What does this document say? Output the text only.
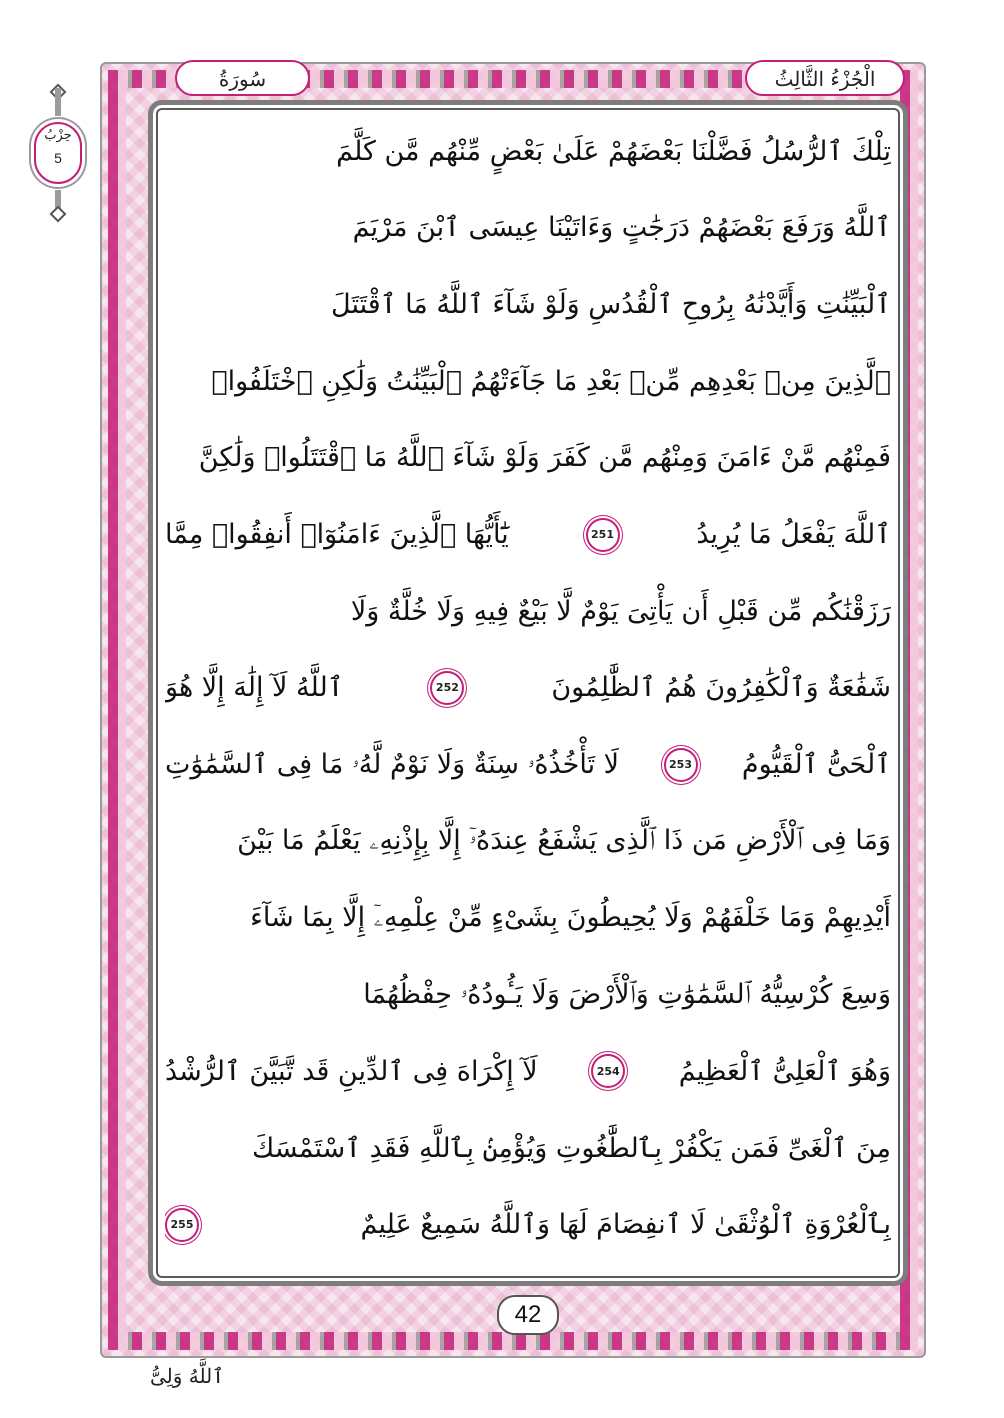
الْجُزْءُ الثَّالِثُ
سُورَةُ
حِزْبُ
5	تِلْكَ ٱلرُّسُلُ فَضَّلْنَا بَعْضَهُمْ عَلَىٰ بَعْضٍ مِّنْهُم مَّن كَلَّمَ
ٱللَّهُ وَرَفَعَ بَعْضَهُمْ دَرَجَٰتٍ وَءَاتَيْنَا عِيسَى ٱبْنَ مَرْيَمَ
ٱلْبَيِّنَٰتِ وَأَيَّدْنَٰهُ بِرُوحِ ٱلْقُدُسِ وَلَوْ شَآءَ ٱللَّهُ مَا ٱقْتَتَلَ
ٱلَّذِينَ مِنۢ بَعْدِهِم مِّنۢ بَعْدِ مَا جَآءَتْهُمُ ٱلْبَيِّنَٰتُ وَلَٰكِنِ ٱخْتَلَفُوا۟
فَمِنْهُم مَّنْ ءَامَنَ وَمِنْهُم مَّن كَفَرَ وَلَوْ شَآءَ ٱللَّهُ مَا ٱقْتَتَلُوا۟ وَلَٰكِنَّ
ٱللَّهَ يَفْعَلُ مَا يُرِيدُ
251
يَٰٓأَيُّهَا ٱلَّذِينَ ءَامَنُوٓا۟ أَنفِقُوا۟ مِمَّا
رَزَقْنَٰكُم مِّن قَبْلِ أَن يَأْتِىَ يَوْمٌ لَّا بَيْعٌ فِيهِ وَلَا خُلَّةٌ وَلَا
شَفَٰعَةٌ وَٱلْكَٰفِرُونَ هُمُ ٱلظَّٰلِمُونَ
252
ٱللَّهُ لَآ إِلَٰهَ إِلَّا هُوَ
ٱلْحَىُّ ٱلْقَيُّومُ
253
لَا تَأْخُذُهُۥ سِنَةٌ وَلَا نَوْمٌ لَّهُۥ مَا فِى ٱلسَّمَٰوَٰتِ
وَمَا فِى ٱلْأَرْضِ مَن ذَا ٱلَّذِى يَشْفَعُ عِندَهُۥٓ إِلَّا بِإِذْنِهِۦ يَعْلَمُ مَا بَيْنَ
أَيْدِيهِمْ وَمَا خَلْفَهُمْ وَلَا يُحِيطُونَ بِشَىْءٍ مِّنْ عِلْمِهِۦٓ إِلَّا بِمَا شَآءَ
وَسِعَ كُرْسِيُّهُ ٱلسَّمَٰوَٰتِ وَٱلْأَرْضَ وَلَا يَـُٔودُهُۥ حِفْظُهُمَا
وَهُوَ ٱلْعَلِىُّ ٱلْعَظِيمُ
254
لَآ إِكْرَاهَ فِى ٱلدِّينِ قَد تَّبَيَّنَ ٱلرُّشْدُ
مِنَ ٱلْغَىِّ فَمَن يَكْفُرْ بِٱلطَّٰغُوتِ وَيُؤْمِنۢ بِٱللَّهِ فَقَدِ ٱسْتَمْسَكَ
بِٱلْعُرْوَةِ ٱلْوُثْقَىٰ لَا ٱنفِصَامَ لَهَا وَٱللَّهُ سَمِيعٌ عَلِيمٌ
255
42
ٱللَّهُ وَلِىُّ
